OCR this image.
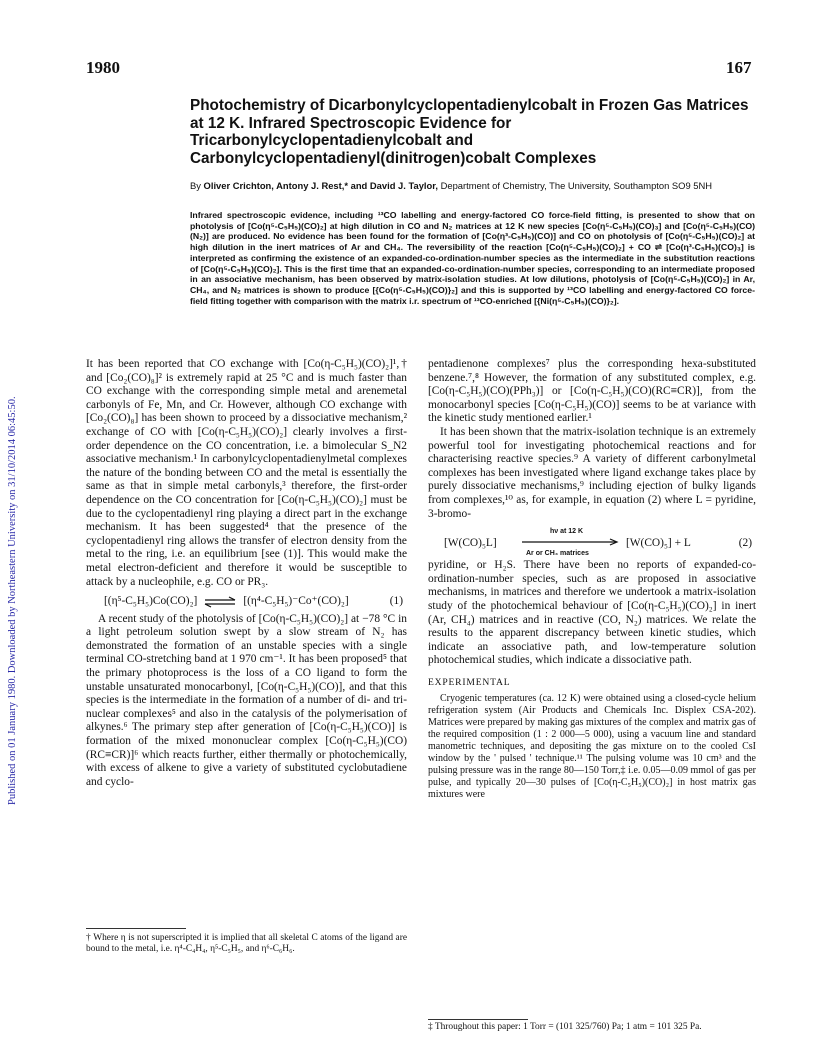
Published on 01 January 1980. Downloaded by Northeastern University on 31/10/2014 06:45:50.
1980	167
Photochemistry of Dicarbonylcyclopentadienylcobalt in Frozen Gas Matrices at 12 K. Infrared Spectroscopic Evidence for Tricarbonylcyclopentadienylcobalt and Carbonylcyclopentadienyl(dinitrogen)cobalt Complexes
By Oliver Crichton, Antony J. Rest,* and David J. Taylor, Department of Chemistry, The University, Southampton SO9 5NH
Infrared spectroscopic evidence, including ¹³CO labelling and energy-factored CO force-field fitting, is presented to show that on photolysis of [Co(η⁵-C₅H₅)(CO)₂] at high dilution in CO and N₂ matrices at 12 K new species [Co(η⁵-C₅H₅)(CO)₃] and [Co(η⁵-C₅H₅)(CO)(N₂)] are produced. No evidence has been found for the formation of [Co(η³-C₅H₅)(CO)] and CO on photolysis of [Co(η⁵-C₅H₅)(CO)₂] at high dilution in the inert matrices of Ar and CH₄. The reversibility of the reaction [Co(η⁵-C₅H₅)(CO)₂] + CO ⇌ [Co(η³-C₅H₅)(CO)₃] is interpreted as confirming the existence of an expanded-co-ordination-number species as the intermediate in the substitution reactions of [Co(η⁵-C₅H₅)(CO)₂]. This is the first time that an expanded-co-ordination-number species, corresponding to an intermediate proposed in an associative mechanism, has been observed by matrix-isolation studies. At low dilutions, photolysis of [Co(η⁵-C₅H₅)(CO)₂] in Ar, CH₄, and N₂ matrices is shown to produce [{Co(η⁵-C₅H₅)(CO)}₂] and this is supported by ¹³CO labelling and energy-factored CO force-field fitting together with comparison with the matrix i.r. spectrum of ¹³CO-enriched [{Ni(η⁵-C₅H₅)(CO)}₂].

It has been reported that CO exchange with [Co(η-C₅H₅)(CO)₂]¹,† and [Co₂(CO)₈]² is extremely rapid at 25 °C and is much faster than CO exchange with the corresponding simple metal and arenemetal carbonyls of Fe, Mn, and Cr. However, although CO exchange with [Co₂(CO)₈] has been shown to proceed by a dissociative mechanism,² exchange of CO with [Co(η-C₅H₅)(CO)₂] clearly involves a first-order dependence on the CO concentration, i.e. a bimolecular S_N2 associative mechanism.¹ In carbonylcyclopentadienylmetal complexes the nature of the bonding between CO and the metal is essentially the same as that in simple metal carbonyls,³ therefore, the first-order dependence on the CO concentration for [Co(η-C₅H₅)(CO)₂] must be due to the cyclopentadienyl ring playing a direct part in the exchange mechanism. It has been suggested⁴ that the presence of the cyclopentadienyl ring allows the transfer of electron density from the metal to the ring, i.e. an equilibrium [see (1)]. This would make the metal electron-deficient and therefore it would be susceptible to attack by a nucleophile, e.g. CO or PR₃.

[(η⁵-C₅H₅)Co(CO)₂] ⇌ [(η⁴-C₅H₅)⁻Co⁺(CO)₂]	(1)

A recent study of the photolysis of [Co(η-C₅H₅)(CO)₂] at −78 °C in a light petroleum solution swept by a slow stream of N₂ has demonstrated the formation of an unstable species with a single terminal CO-stretching band at 1 970 cm⁻¹. It has been proposed⁵ that the primary photoprocess is the loss of a CO ligand to form the unstable unsaturated monocarbonyl, [Co(η-C₅H₅)(CO)], and that this species is the intermediate in the formation of a number of di- and tri-nuclear complexes⁵ and also in the catalysis of the polymerisation of alkynes.⁶ The primary step after generation of [Co(η-C₅H₅)(CO)] is formation of the mixed mononuclear complex [Co(η-C₅H₅)(CO)(RC≡CR)]⁶ which reacts further, either thermally or photochemically, with excess of alkene to give a variety of substituted cyclobutadiene and cyclo-

† Where η is not superscripted it is implied that all skeletal C atoms of the ligand are bound to the metal, i.e. η⁴-C₄H₄, η⁵-C₅H₅, and η⁶-C₆H₆.

pentadienone complexes⁷ plus the corresponding hexa-substituted benzene.⁷,⁸ However, the formation of any substituted complex, e.g. [Co(η-C₅H₅)(CO)(PPh₃)] or [Co(η-C₅H₅)(CO)(RC≡CR)], from the monocarbonyl species [Co(η-C₅H₅)(CO)] seems to be at variance with the kinetic study mentioned earlier.¹

It has been shown that the matrix-isolation technique is an extremely powerful tool for investigating photochemical reactions and for characterising reactive species.⁹ A variety of different carbonylmetal complexes has been investigated where ligand exchange takes place by purely dissociative mechanisms,⁹ including ejection of bulky ligands from complexes,¹⁰ as, for example, in equation (2) where L = pyridine, 3-bromo-

[W(CO)₅L]
hν at 12 K
Ar or CH₄ matrices
[W(CO)₅] + L	(2)

pyridine, or H₂S. There have been no reports of expanded-co-ordination-number species, such as are proposed in associative mechanisms, in matrices and therefore we undertook a matrix-isolation study of the photochemical behaviour of [Co(η-C₅H₅)(CO)₂] in inert (Ar, CH₄) matrices and in reactive (CO, N₂) matrices. We relate the results to the apparent discrepancy between kinetic studies, which indicate an associative path, and low-temperature solution photochemical studies, which indicate a dissociative path.

EXPERIMENTAL

Cryogenic temperatures (ca. 12 K) were obtained using a closed-cycle helium refrigeration system (Air Products and Chemicals Inc. Displex CSA-202). Matrices were prepared by making gas mixtures of the complex and matrix gas of the required composition (1 : 2 000—5 000), using a vacuum line and standard manometric techniques, and depositing the gas mixture on to the cooled CsI window by the ' pulsed ' technique.¹¹ The pulsing volume was 10 cm³ and the pulsing pressure was in the range 80—150 Torr,‡ i.e. 0.05—0.09 mmol of gas per pulse, and typically 20—30 pulses of [Co(η-C₅H₅)(CO)₂] in host matrix gas mixtures were

‡ Throughout this paper: 1 Torr = (101 325/760) Pa; 1 atm = 101 325 Pa.
